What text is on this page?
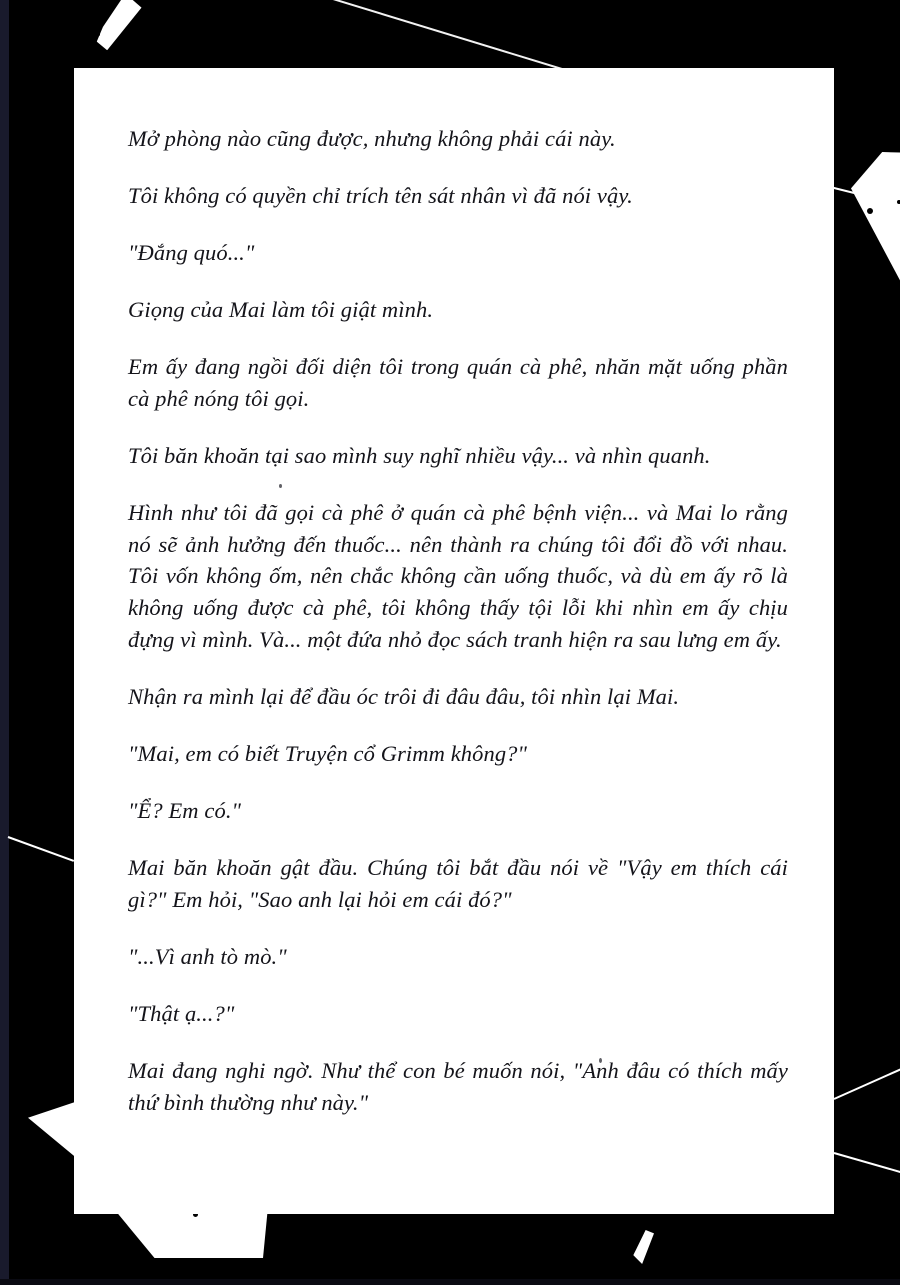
Mở phòng nào cũng được, nhưng không phải cái này.

Tôi không có quyền chỉ trích tên sát nhân vì đã nói vậy.

"Đắng quó..."

Giọng của Mai làm tôi giật mình.

Em ấy đang ngồi đối diện tôi trong quán cà phê, nhăn mặt uống phần cà phê nóng tôi gọi.

Tôi băn khoăn tại sao mình suy nghĩ nhiều vậy... và nhìn quanh.

Hình như tôi đã gọi cà phê ở quán cà phê bệnh viện... và Mai lo rằng nó sẽ ảnh hưởng đến thuốc... nên thành ra chúng tôi đổi đồ với nhau. Tôi vốn không ốm, nên chắc không cần uống thuốc, và dù em ấy rõ là không uống được cà phê, tôi không thấy tội lỗi khi nhìn em ấy chịu đựng vì mình. Và... một đứa nhỏ đọc sách tranh hiện ra sau lưng em ấy.

Nhận ra mình lại để đầu óc trôi đi đâu đâu, tôi nhìn lại Mai.

"Mai, em có biết Truyện cổ Grimm không?"

"Ể? Em có."

Mai băn khoăn gật đầu. Chúng tôi bắt đầu nói về "Vậy em thích cái gì?" Em hỏi, "Sao anh lại hỏi em cái đó?"

"...Vì anh tò mò."

"Thật ạ...?"

Mai đang nghi ngờ. Như thể con bé muốn nói, "Anh đâu có thích mấy thứ bình thường như này."
